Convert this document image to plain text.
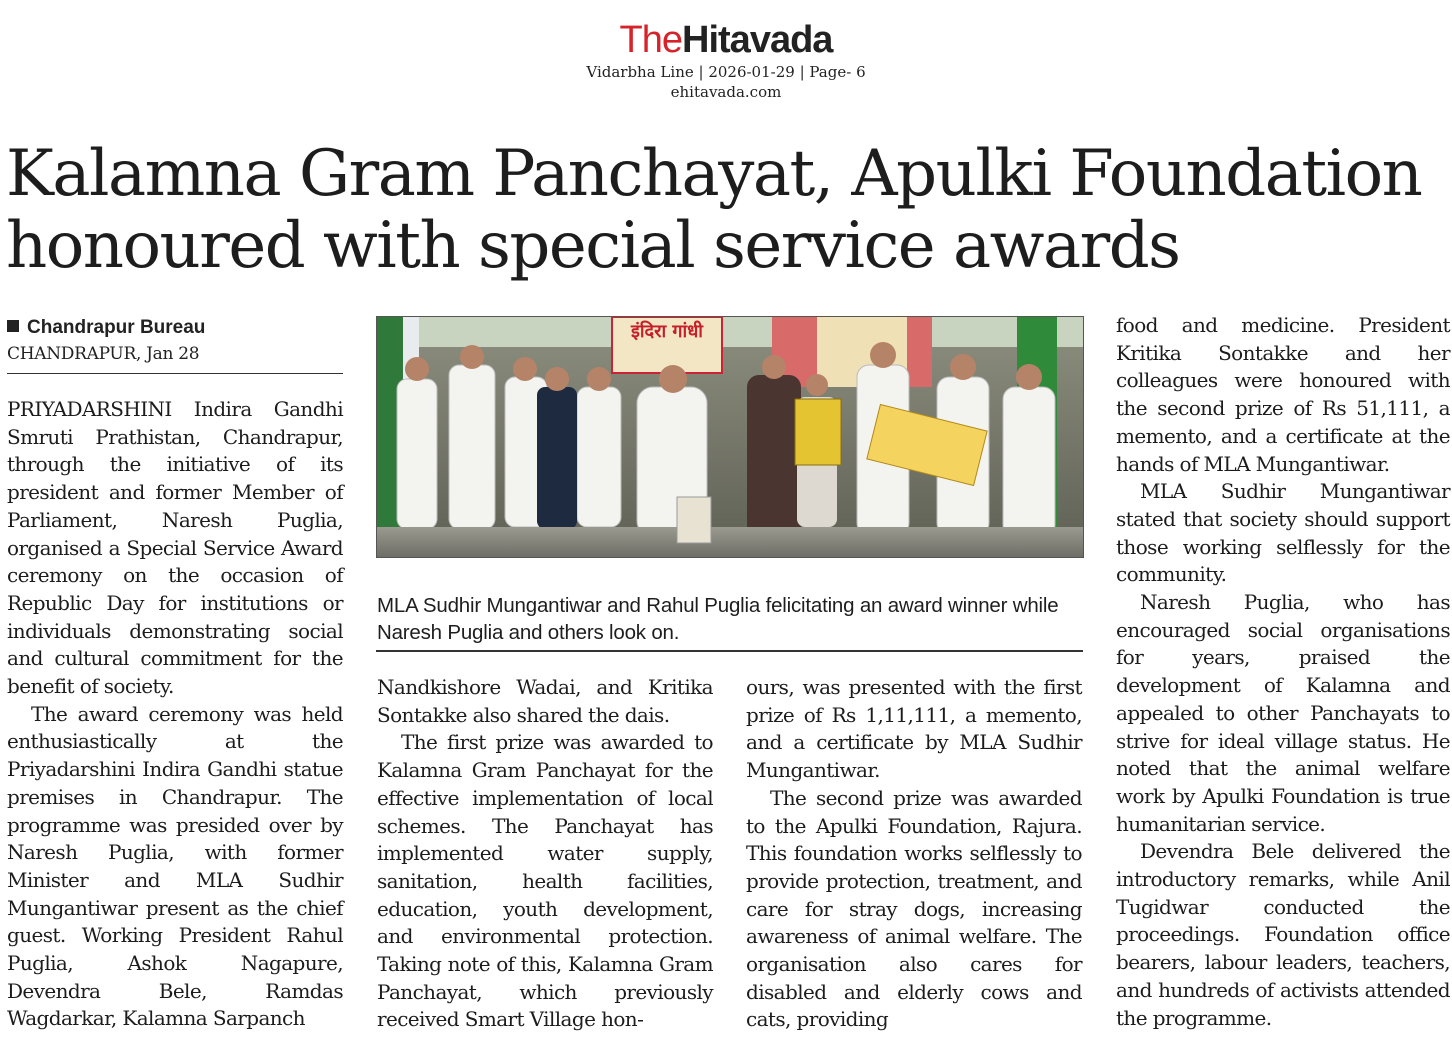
TheHitavada
Vidarbha Line | 2026-01-29 | Page- 6
ehitavada.com
Kalamna Gram Panchayat, Apulki Foundation
honoured with special service awards
Chandrapur Bureau
CHANDRAPUR, Jan 28

PRIYADARSHINI Indira Gandhi Smruti Prathistan, Chandrapur, through the initiative of its president and former Member of Parliament, Naresh Puglia, organised a Special Service Award ceremony on the occasion of Republic Day for institutions or individuals demonstrating social and cultural commitment for the benefit of society.

The award ceremony was held enthusiastically at the Priyadarshini Indira Gandhi statue premises in Chandrapur. The programme was presided over by Naresh Puglia, with former Minister and MLA Sudhir Mungantiwar present as the chief guest. Working President Rahul Puglia, Ashok Nagapure, Devendra Bele, Ramdas Wagdarkar, Kalamna Sarpanch

इंदिरा गांधी
MLA Sudhir Mungantiwar and Rahul Puglia felicitating an award winner while Naresh Puglia and others look on.

Nandkishore Wadai, and Kritika Sontakke also shared the dais.

The first prize was awarded to Kalamna Gram Panchayat for the effective implementation of local schemes. The Panchayat has implemented water supply, sanitation, health facilities, education, youth development, and environmental protection. Taking note of this, Kalamna Gram Panchayat, which previously received Smart Village hon-

ours, was presented with the first prize of Rs 1,11,111, a memento, and a certificate by MLA Sudhir Mungantiwar.

The second prize was awarded to the Apulki Foundation, Rajura. This foundation works selflessly to provide protection, treatment, and care for stray dogs, increasing awareness of animal welfare. The organisation also cares for disabled and elderly cows and cats, providing

food and medicine. President Kritika Sontakke and her colleagues were honoured with the second prize of Rs 51,111, a memento, and a certificate at the hands of MLA Mungantiwar.

MLA Sudhir Mungantiwar stated that society should support those working selflessly for the community.

Naresh Puglia, who has encouraged social organisations for years, praised the development of Kalamna and appealed to other Panchayats to strive for ideal village status. He noted that the animal welfare work by Apulki Foundation is true humanitarian service.

Devendra Bele delivered the introductory remarks, while Anil Tugidwar conducted the proceedings. Foundation office bearers, labour leaders, teachers, and hundreds of activists attended the programme.
